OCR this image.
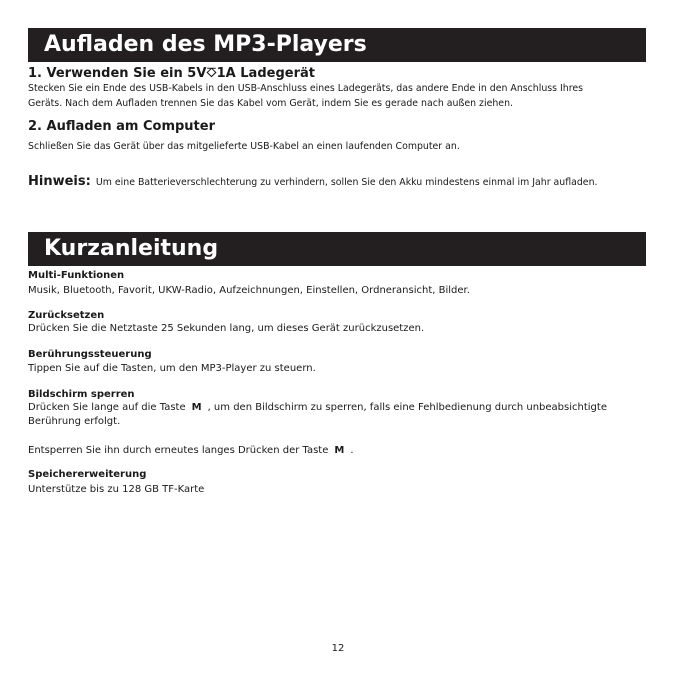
Aufladen des MP3-Players
1. Verwenden Sie ein 5V⎏1A Ladegerät
Stecken Sie ein Ende des USB-Kabels in den USB-Anschluss eines Ladegeräts, das andere Ende in den Anschluss Ihres
Geräts. Nach dem Aufladen trennen Sie das Kabel vom Gerät, indem Sie es gerade nach außen ziehen.
2. Aufladen am Computer
Schließen Sie das Gerät über das mitgelieferte USB-Kabel an einen laufenden Computer an.
Hinweis: Um eine Batterieverschlechterung zu verhindern, sollen Sie den Akku mindestens einmal im Jahr aufladen.
Kurzanleitung
Multi-Funktionen
Musik, Bluetooth, Favorit, UKW-Radio, Aufzeichnungen, Einstellen, Ordneransicht, Bilder.
Zurücksetzen
Drücken Sie die Netztaste 25 Sekunden lang, um dieses Gerät zurückzusetzen.
Berührungssteuerung
Tippen Sie auf die Tasten, um den MP3-Player zu steuern.
Bildschirm sperren
Drücken Sie lange auf die Taste M , um den Bildschirm zu sperren, falls eine Fehlbedienung durch unbeabsichtigte
Berührung erfolgt.
Entsperren Sie ihn durch erneutes langes Drücken der Taste M .
Speichererweiterung
Unterstütze bis zu 128 GB TF-Karte
12
